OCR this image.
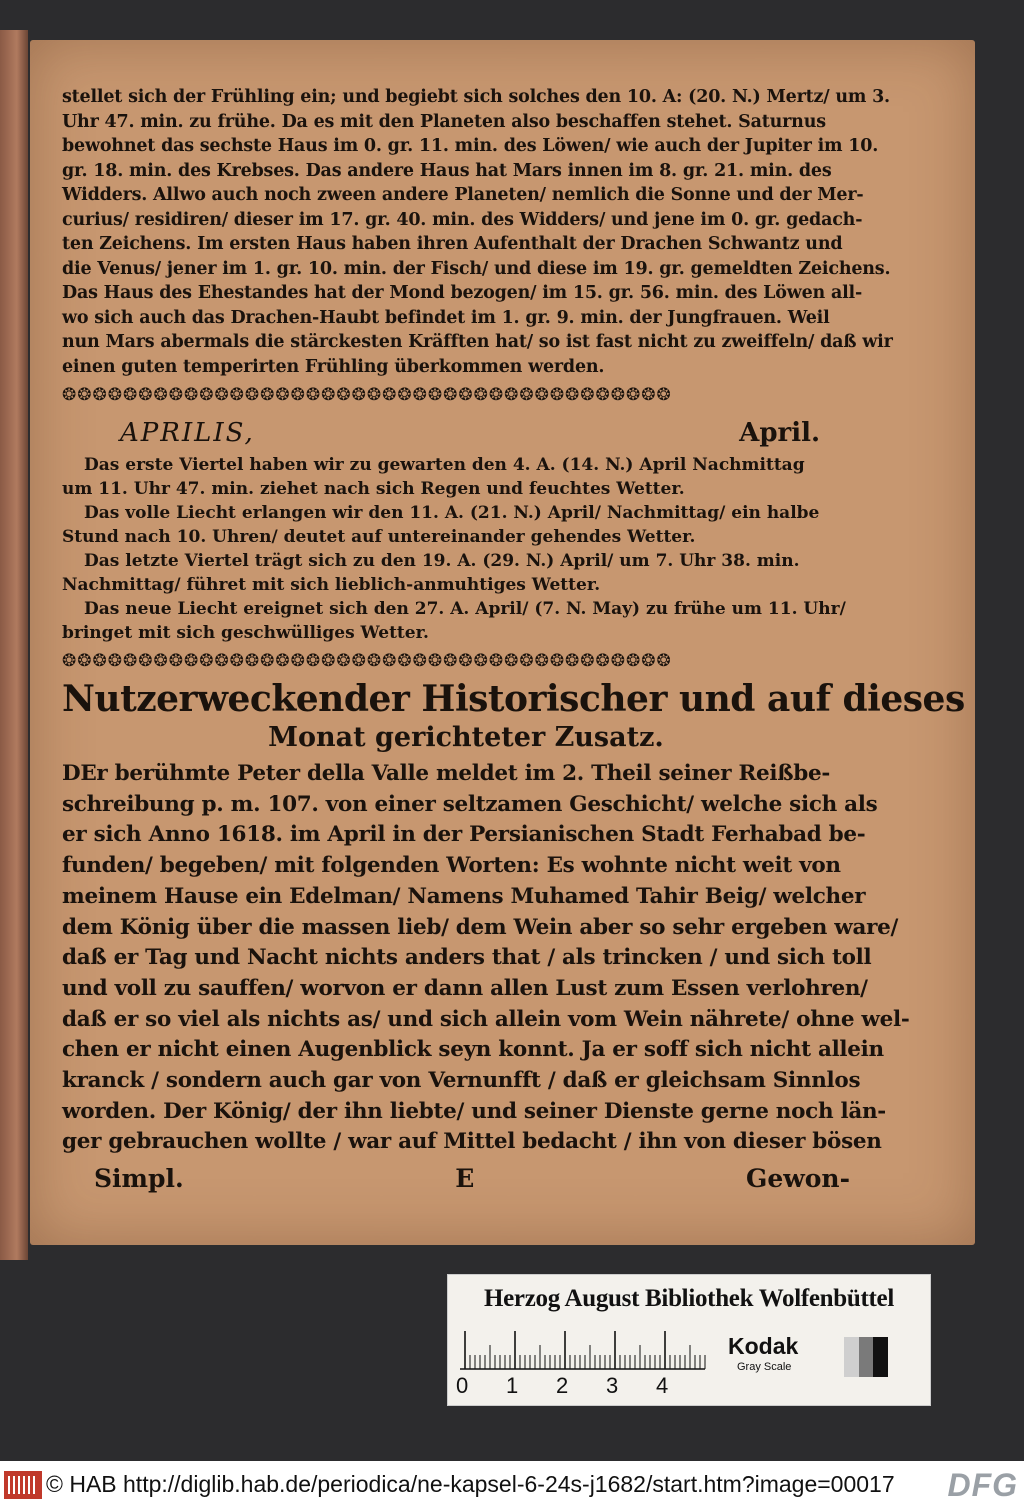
stellet sich der Frühling ein; und begiebt sich solches den 10. A: (20. N.) Mertz/ um 3.
Uhr 47. min. zu frühe. Da es mit den Planeten also beschaffen stehet. Saturnus
bewohnet das sechste Haus im 0. gr. 11. min. des Löwen/ wie auch der Jupiter im 10.
gr. 18. min. des Krebses. Das andere Haus hat Mars innen im 8. gr. 21. min. des
Widders. Allwo auch noch zween andere Planeten/ nemlich die Sonne und der Mer-
curius/ residiren/ dieser im 17. gr. 40. min. des Widders/ und jene im 0. gr. gedach-
ten Zeichens. Im ersten Haus haben ihren Aufenthalt der Drachen Schwantz und
die Venus/ jener im 1. gr. 10. min. der Fisch/ und diese im 19. gr. gemeldten Zeichens.
Das Haus des Ehestandes hat der Mond bezogen/ im 15. gr. 56. min. des Löwen all-
wo sich auch das Drachen-Haubt befindet im 1. gr. 9. min. der Jungfrauen. Weil
nun Mars abermals die stärckesten Kräfften hat/ so ist fast nicht zu zweiffeln/ daß wir
einen guten temperirten Frühling überkommen werden.
❂❂❂❂❂❂❂❂❂❂❂❂❂❂❂❂❂❂❂❂❂❂❂❂❂❂❂❂❂❂❂❂❂❂❂❂❂❂❂❂
APRILIS,	April.
Das erste Viertel haben wir zu gewarten den 4. A. (14. N.) April Nachmittag
um 11. Uhr 47. min. ziehet nach sich Regen und feuchtes Wetter.
Das volle Liecht erlangen wir den 11. A. (21. N.) April/ Nachmittag/ ein halbe
Stund nach 10. Uhren/ deutet auf untereinander gehendes Wetter.
Das letzte Viertel trägt sich zu den 19. A. (29. N.) April/ um 7. Uhr 38. min.
Nachmittag/ führet mit sich lieblich-anmuhtiges Wetter.
Das neue Liecht ereignet sich den 27. A. April/ (7. N. May) zu frühe um 11. Uhr/
bringet mit sich geschwülliges Wetter.
❂❂❂❂❂❂❂❂❂❂❂❂❂❂❂❂❂❂❂❂❂❂❂❂❂❂❂❂❂❂❂❂❂❂❂❂❂❂❂❂
Nutzerweckender Historischer und auf dieses
Monat gerichteter Zusatz.
DEr berühmte Peter della Valle meldet im 2. Theil seiner Reißbe-
schreibung p. m. 107. von einer seltzamen Geschicht/ welche sich als
er sich Anno 1618. im April in der Persianischen Stadt Ferhabad be-
funden/ begeben/ mit folgenden Worten: Es wohnte nicht weit von
meinem Hause ein Edelman/ Namens Muhamed Tahir Beig/ welcher
dem König über die massen lieb/ dem Wein aber so sehr ergeben ware/
daß er Tag und Nacht nichts anders that / als trincken / und sich toll
und voll zu sauffen/ worvon er dann allen Lust zum Essen verlohren/
daß er so viel als nichts as/ und sich allein vom Wein nährete/ ohne wel-
chen er nicht einen Augenblick seyn konnt. Ja er soff sich nicht allein
kranck / sondern auch gar von Vernunfft / daß er gleichsam Sinnlos
worden. Der König/ der ihn liebte/ und seiner Dienste gerne noch län-
ger gebrauchen wollte / war auf Mittel bedacht / ihn von dieser bösen
Simpl.	E	Gewon-
Herzog August Bibliothek Wolfenbüttel
0 1 2 3 4
Kodak
Gray Scale
© HAB http://diglib.hab.de/periodica/ne-kapsel-6-24s-j1682/start.htm?image=00017 DFG
